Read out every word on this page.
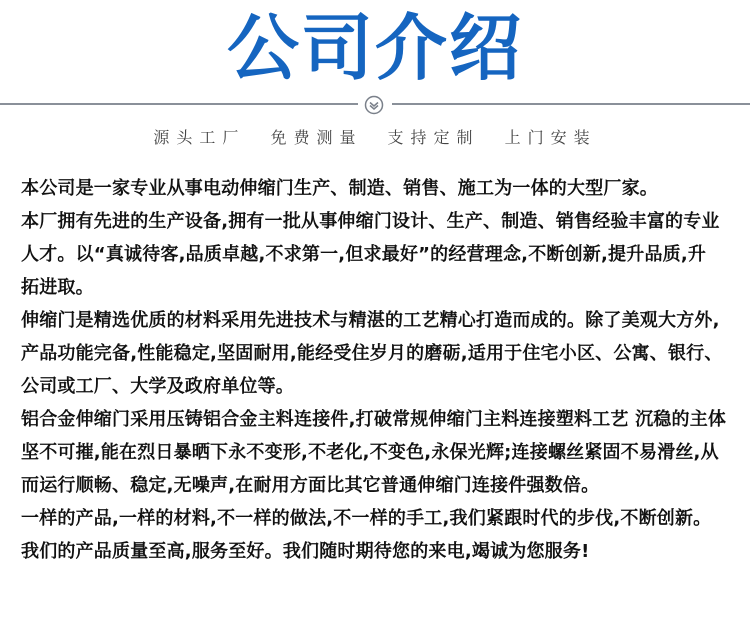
公司介绍
源头工厂 免费测量 支持定制 上门安装

本公司是一家专业从事电动伸缩门生产、制造、销售、施工为一体的大型厂家。

本厂拥有先进的生产设备,拥有一批从事伸缩门设计、生产、制造、销售经验丰富的专业

人才。以“真诚待客,品质卓越,不求第一,但求最好”的经营理念,不断创新,提升品质,升

拓进取。

伸缩门是精选优质的材料采用先进技术与精湛的工艺精心打造而成的。除了美观大方外,

产品功能完备,性能稳定,坚固耐用,能经受住岁月的磨砺,适用于住宅小区、公寓、银行、

公司或工厂、大学及政府单位等。

铝合金伸缩门采用压铸铝合金主料连接件,打破常规伸缩门主料连接塑料工艺 沉稳的主体

坚不可摧,能在烈日暴晒下永不变形,不老化,不变色,永保光辉;连接螺丝紧固不易滑丝,从

而运行顺畅、稳定,无噪声,在耐用方面比其它普通伸缩门连接件强数倍。

一样的产品,一样的材料,不一样的做法,不一样的手工,我们紧跟时代的步伐,不断创新。

我们的产品质量至高,服务至好。我们随时期待您的来电,竭诚为您服务!
